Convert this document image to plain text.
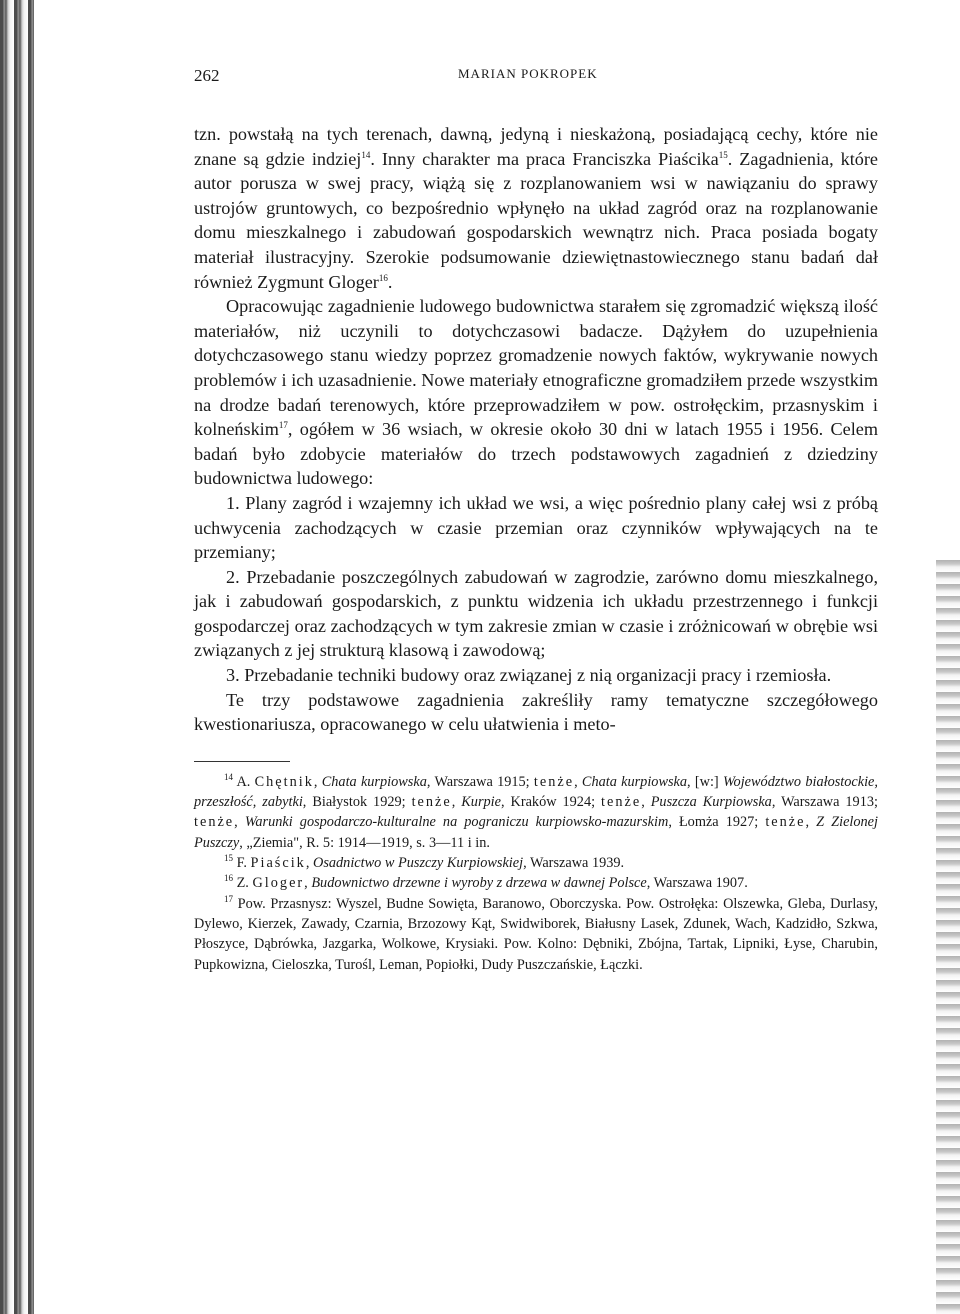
262	MARIAN POKROPEK

tzn. powstałą na tych terenach, dawną, jedyną i nieskażoną, posiadającą cechy, które nie znane są gdzie indziej$^{14}$. Inny charakter ma praca Franciszka Piaścika$^{15}$. Zagadnienia, które autor porusza w swej pracy, wiążą się z rozplanowaniem wsi w nawiązaniu do sprawy ustrojów gruntowych, co bezpośrednio wpłynęło na układ zagród oraz na rozplanowanie domu mieszkalnego i zabudowań gospodarskich wewnątrz nich. Praca posiada bogaty materiał ilustracyjny. Szerokie podsumowanie dziewiętnastowiecznego stanu badań dał również Zygmunt Gloger$^{16}$.

Opracowując zagadnienie ludowego budownictwa starałem się zgromadzić większą ilość materiałów, niż uczynili to dotychczasowi badacze. Dążyłem do uzupełnienia dotychczasowego stanu wiedzy poprzez gromadzenie nowych faktów, wykrywanie nowych problemów i ich uzasadnienie. Nowe materiały etnograficzne gromadziłem przede wszystkim na drodze badań terenowych, które przeprowadziłem w pow. ostrołęckim, przasnyskim i kolneńskim$^{17}$, ogółem w 36 wsiach, w okresie około 30 dni w latach 1955 i 1956. Celem badań było zdobycie materiałów do trzech podstawowych zagadnień z dziedziny budownictwa ludowego:

1. Plany zagród i wzajemny ich układ we wsi, a więc pośrednio plany całej wsi z próbą uchwycenia zachodzących w czasie przemian oraz czynników wpływających na te przemiany;

2. Przebadanie poszczególnych zabudowań w zagrodzie, zarówno domu mieszkalnego, jak i zabudowań gospodarskich, z punktu widzenia ich układu przestrzennego i funkcji gospodarczej oraz zachodzących w tym zakresie zmian w czasie i zróżnicowań w obrębie wsi związanych z jej strukturą klasową i zawodową;

3. Przebadanie techniki budowy oraz związanej z nią organizacji pracy i rzemiosła.

Te trzy podstawowe zagadnienia zakreśliły ramy tematyczne szczegółowego kwestionariusza, opracowanego w celu ułatwienia i meto-

$^{14}$ A. Chętnik, Chata kurpiowska, Warszawa 1915; tenże, Chata kurpiowska, [w:] Województwo białostockie, przeszłość, zabytki, Białystok 1929; tenże, Kurpie, Kraków 1924; tenże, Puszcza Kurpiowska, Warszawa 1913; tenże, Warunki gospodarczo-kulturalne na pograniczu kurpiowsko-mazurskim, Łomża 1927; tenże, Z Zielonej Puszczy, „Ziemia", R. 5: 1914—1919, s. 3—11 i in.

$^{15}$ F. Piaścik, Osadnictwo w Puszczy Kurpiowskiej, Warszawa 1939.

$^{16}$ Z. Gloger, Budownictwo drzewne i wyroby z drzewa w dawnej Polsce, Warszawa 1907.

$^{17}$ Pow. Przasnysz: Wyszel, Budne Sowięta, Baranowo, Oborczyska. Pow. Ostrołęka: Olszewka, Gleba, Durlasy, Dylewo, Kierzek, Zawady, Czarnia, Brzozowy Kąt, Swidwiborek, Białusny Lasek, Zdunek, Wach, Kadzidło, Szkwa, Płoszyce, Dąbrówka, Jazgarka, Wolkowe, Krysiaki. Pow. Kolno: Dębniki, Zbójna, Tartak, Lipniki, Łyse, Charubin, Pupkowizna, Cieloszka, Turośl, Leman, Popiołki, Dudy Puszczańskie, Łączki.
